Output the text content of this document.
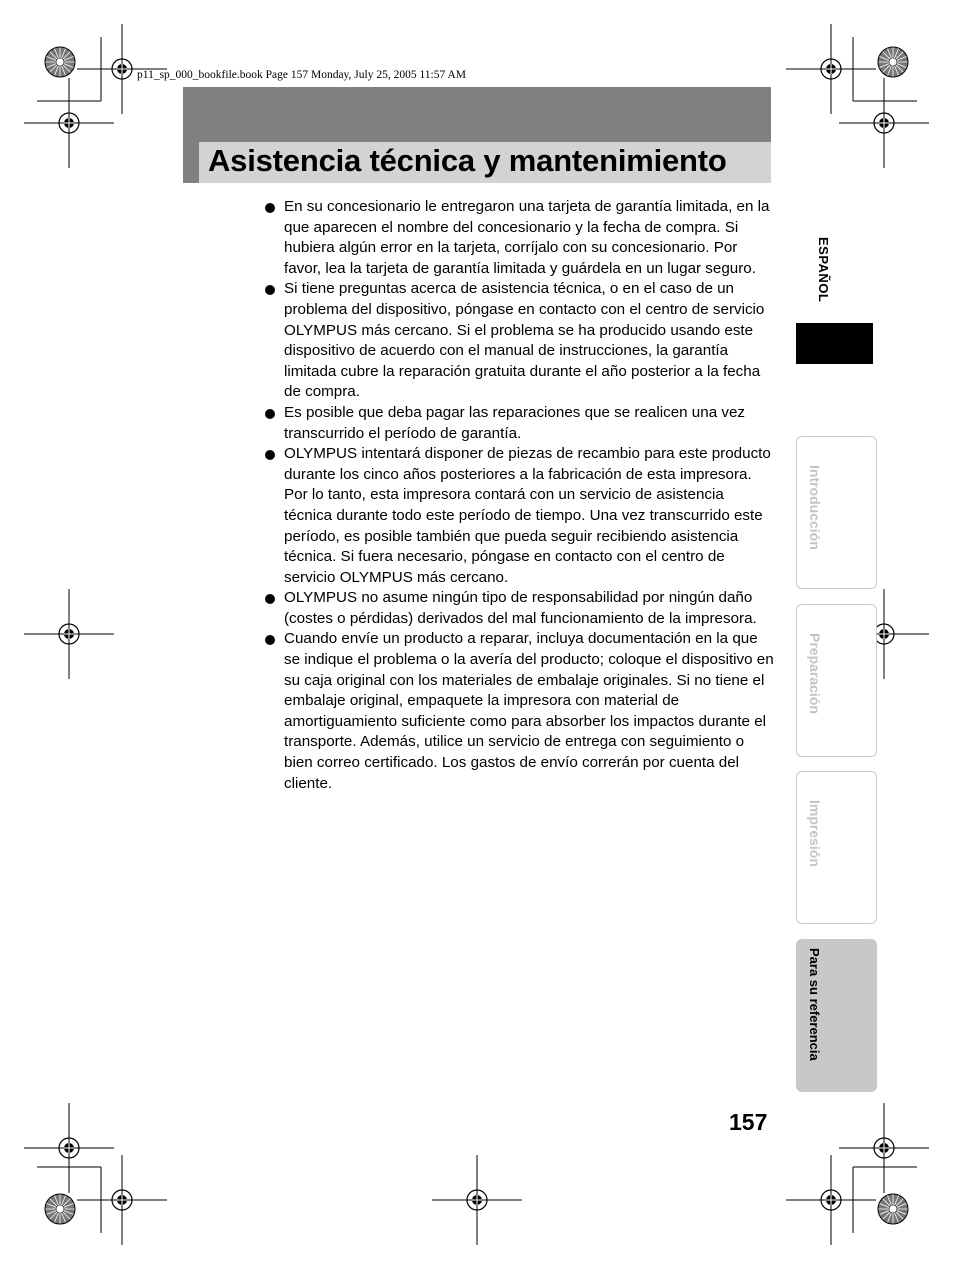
p11_sp_000_bookfile.book Page 157 Monday, July 25, 2005 11:57 AM
Asistencia técnica y mantenimiento
En su concesionario le entregaron una tarjeta de garantía limitada, en la que aparecen el nombre del concesionario y la fecha de compra. Si hubiera algún error en la tarjeta, corríjalo con su concesionario. Por favor, lea la tarjeta de garantía limitada y guárdela en un lugar seguro.
Si tiene preguntas acerca de asistencia técnica, o en el caso de un problema del dispositivo, póngase en contacto con el centro de servicio OLYMPUS más cercano. Si el problema se ha producido usando este dispositivo de acuerdo con el manual de instrucciones, la garantía limitada cubre la reparación gratuita durante el año posterior a la fecha de compra.
Es posible que deba pagar las reparaciones que se realicen una vez transcurrido el período de garantía.
OLYMPUS intentará disponer de piezas de recambio para este producto durante los cinco años posteriores a la fabricación de esta impresora. Por lo tanto, esta impresora contará con un servicio de asistencia técnica durante todo este período de tiempo. Una vez transcurrido este período, es posible también que pueda seguir recibiendo asistencia técnica. Si fuera necesario, póngase en contacto con el centro de servicio OLYMPUS más cercano.
OLYMPUS no asume ningún tipo de responsabilidad por ningún daño (costes o pérdidas) derivados del mal funcionamiento de la impresora.
Cuando envíe un producto a reparar, incluya documentación en la que se indique el problema o la avería del producto; coloque el dispositivo en su caja original con los materiales de embalaje originales. Si no tiene el embalaje original, empaquete la impresora con material de amortiguamiento suficiente como para absorber los impactos durante el transporte. Además, utilice un servicio de entrega con seguimiento o bien correo certificado. Los gastos de envío correrán por cuenta del cliente.
ESPAÑOL
Introducción
Preparación
Impresión
Para su referencia
157
